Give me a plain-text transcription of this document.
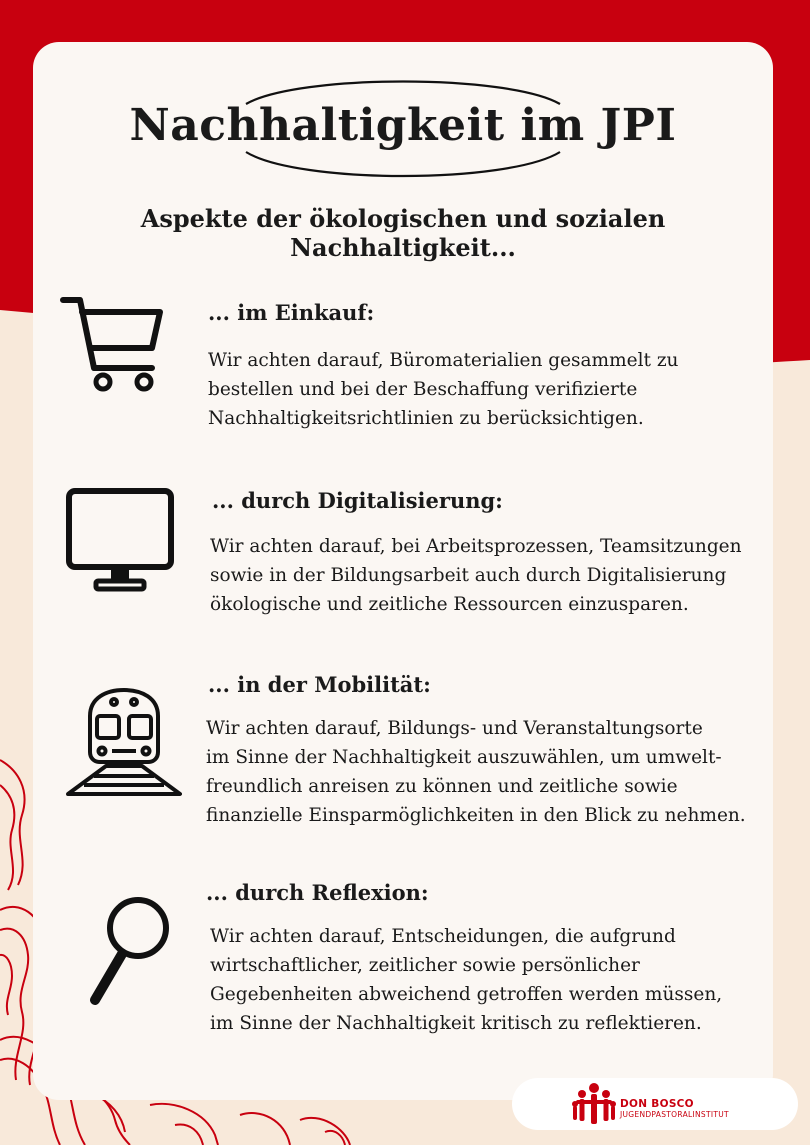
Nachhaltigkeit im JPI
Aspekte der ökologischen und sozialen Nachhaltigkeit...
... im Einkauf:
Wir achten darauf, Büromaterialien gesammelt zu
bestellen und bei der Beschaffung verifizierte
Nachhaltigkeitsrichtlinien zu berücksichtigen.
... durch Digitalisierung:
Wir achten darauf, bei Arbeitsprozessen, Teamsitzungen
sowie in der Bildungsarbeit auch durch Digitalisierung
ökologische und zeitliche Ressourcen einzusparen.
... in der Mobilität:
Wir achten darauf, Bildungs- und Veranstaltungsorte
im Sinne der Nachhaltigkeit auszuwählen, um umwelt-
freundlich anreisen zu können und zeitliche sowie
finanzielle Einsparmöglichkeiten in den Blick zu nehmen.
... durch Reflexion:
Wir achten darauf, Entscheidungen, die aufgrund
wirtschaftlicher, zeitlicher sowie persönlicher
Gegebenheiten abweichend getroffen werden müssen,
im Sinne der Nachhaltigkeit kritisch zu reflektieren.
DON BOSCO
JUGENDPASTORALINSTITUT
